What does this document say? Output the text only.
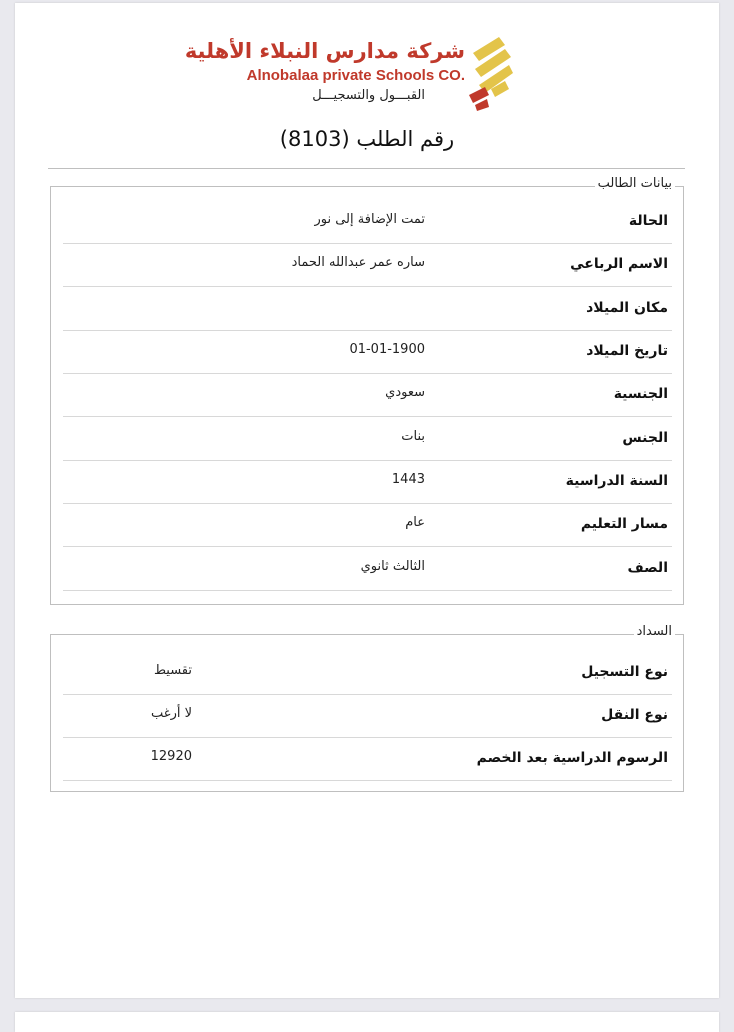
شركة مدارس النبلاء الأهلية
Alnobalaa private Schools CO.
القبـــول والتسجيـــل
رقم الطلب (8103)
بيانات الطالب
الحالة
تمت الإضافة إلى نور
الاسم الرباعي
ساره عمر عبدالله الحماد
مكان الميلاد
تاريخ الميلاد
01-01-1900
الجنسية
سعودي
الجنس
بنات
السنة الدراسية
1443
مسار التعليم
عام
الصف
الثالث ثانوي
السداد
نوع التسجيل
تقسيط
نوع النقل
لا أرغب
الرسوم الدراسية بعد الخصم
12920
